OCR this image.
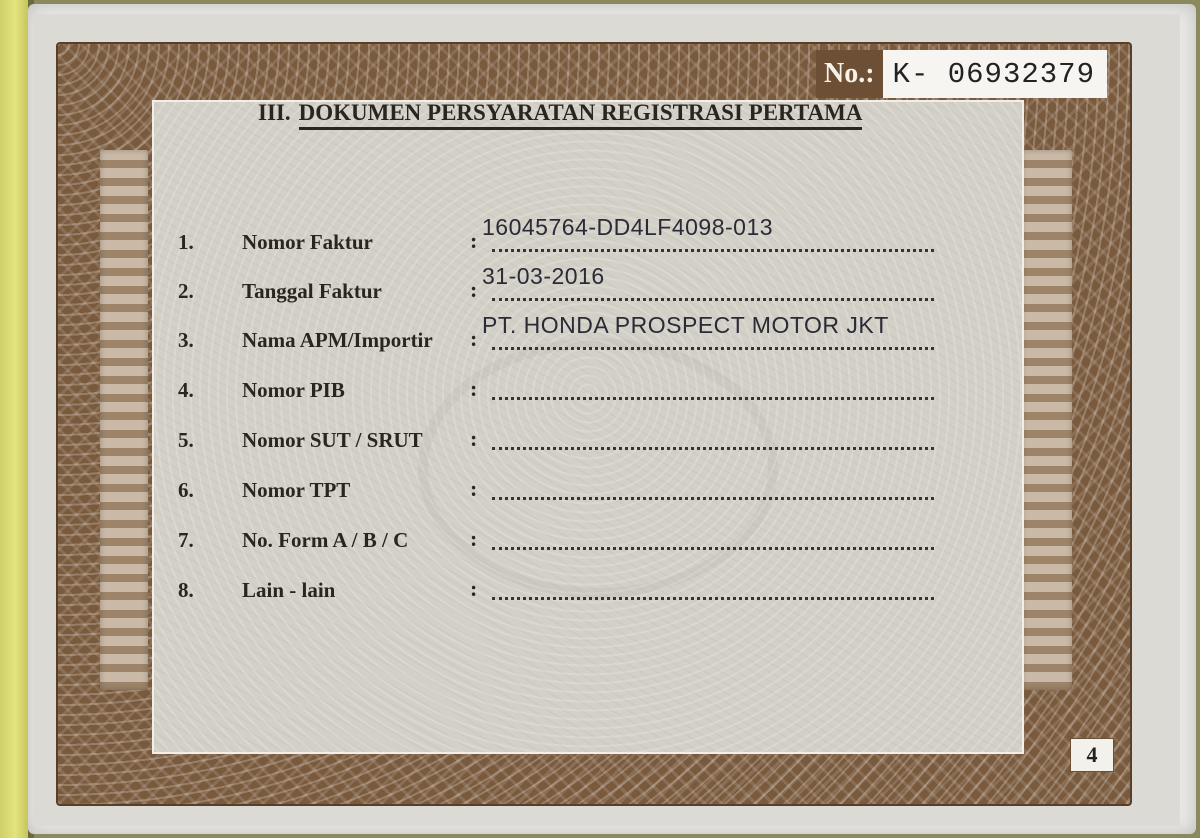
No.: K- 06932379
III. DOKUMEN PERSYARATAN REGISTRASI PERTAMA
1. Nomor Faktur	:
16045764-DD4LF4098-013
2. Tanggal Faktur	:
31-03-2016
3. Nama APM/Importir :
PT. HONDA PROSPECT MOTOR JKT
4. Nomor PIB	:
5. Nomor SUT / SRUT :
6. Nomor TPT	:
7. No. Form A / B / C	:
8. Lain - lain	:
4
